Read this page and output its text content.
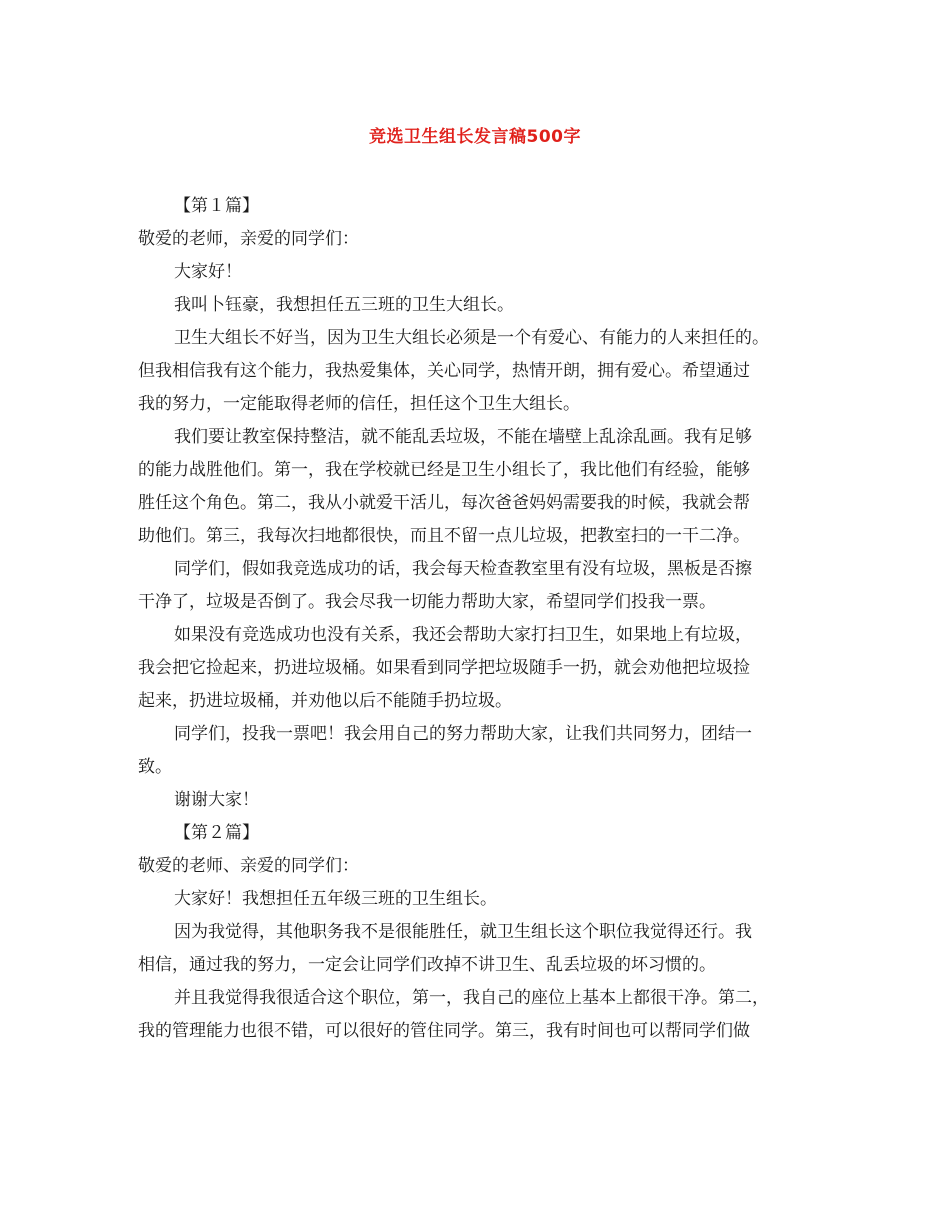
竞选卫生组长发言稿500字
【第１篇】
敬爱的老师，亲爱的同学们：
大家好！
我叫卜钰豪，我想担任五三班的卫生大组长。
卫生大组长不好当，因为卫生大组长必须是一个有爱心、有能力的人来担任的。
但我相信我有这个能力，我热爱集体，关心同学，热情开朗，拥有爱心。希望通过
我的努力，一定能取得老师的信任，担任这个卫生大组长。
我们要让教室保持整洁，就不能乱丢垃圾，不能在墙壁上乱涂乱画。我有足够
的能力战胜他们。第一，我在学校就已经是卫生小组长了，我比他们有经验，能够
胜任这个角色。第二，我从小就爱干活儿，每次爸爸妈妈需要我的时候，我就会帮
助他们。第三，我每次扫地都很快，而且不留一点儿垃圾，把教室扫的一干二净。
同学们，假如我竞选成功的话，我会每天检查教室里有没有垃圾，黑板是否擦
干净了，垃圾是否倒了。我会尽我一切能力帮助大家，希望同学们投我一票。
如果没有竞选成功也没有关系，我还会帮助大家打扫卫生，如果地上有垃圾，
我会把它捡起来，扔进垃圾桶。如果看到同学把垃圾随手一扔，就会劝他把垃圾捡
起来，扔进垃圾桶，并劝他以后不能随手扔垃圾。
同学们，投我一票吧！我会用自己的努力帮助大家，让我们共同努力，团结一
致。
谢谢大家！
【第２篇】
敬爱的老师、亲爱的同学们：
大家好！我想担任五年级三班的卫生组长。
因为我觉得，其他职务我不是很能胜任，就卫生组长这个职位我觉得还行。我
相信，通过我的努力，一定会让同学们改掉不讲卫生、乱丢垃圾的坏习惯的。
并且我觉得我很适合这个职位，第一，我自己的座位上基本上都很干净。第二，
我的管理能力也很不错，可以很好的管住同学。第三，我有时间也可以帮同学们做
